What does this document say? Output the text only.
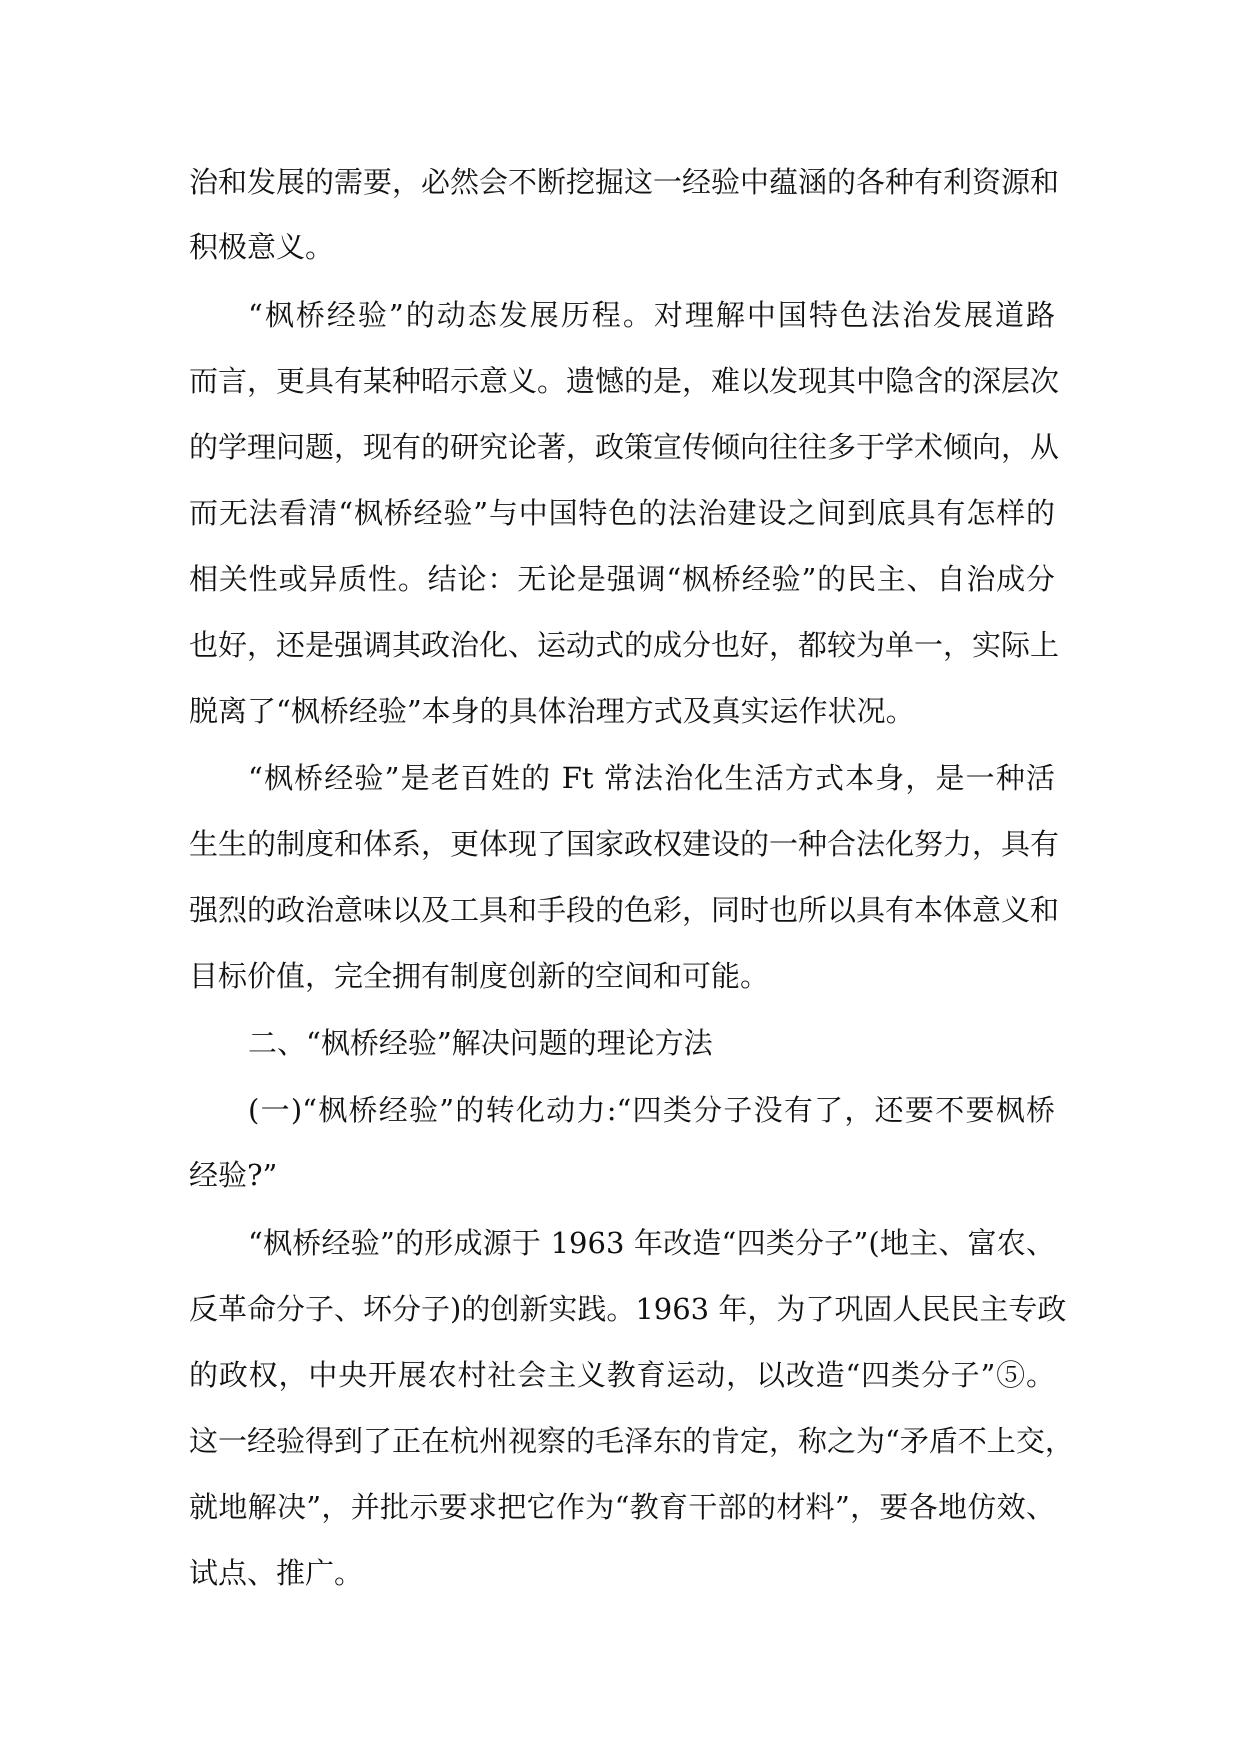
治和发展的需要，必然会不断挖掘这一经验中蕴涵的各种有利资源和
积极意义。
“枫桥经验”的动态发展历程。对理解中国特色法治发展道路
而言，更具有某种昭示意义。遗憾的是，难以发现其中隐含的深层次
的学理问题，现有的研究论著，政策宣传倾向往往多于学术倾向，从
而无法看清“枫桥经验”与中国特色的法治建设之间到底具有怎样的
相关性或异质性。结论：无论是强调“枫桥经验”的民主、自治成分
也好，还是强调其政治化、运动式的成分也好，都较为单一，实际上
脱离了“枫桥经验”本身的具体治理方式及真实运作状况。
“枫桥经验”是老百姓的 Ft 常法治化生活方式本身，是一种活
生生的制度和体系，更体现了国家政权建设的一种合法化努力，具有
强烈的政治意味以及工具和手段的色彩，同时也所以具有本体意义和
目标价值，完全拥有制度创新的空间和可能。
二、“枫桥经验”解决问题的理论方法
(一)“枫桥经验”的转化动力:“四类分子没有了，还要不要枫桥
经验?”
“枫桥经验”的形成源于 1963 年改造“四类分子”(地主、富农、
反革命分子、坏分子)的创新实践。1963 年，为了巩固人民民主专政
的政权，中央开展农村社会主义教育运动，以改造“四类分子”⑤。
这一经验得到了正在杭州视察的毛泽东的肯定，称之为“矛盾不上交，
就地解决”，并批示要求把它作为“教育干部的材料”，要各地仿效、
试点、推广。
